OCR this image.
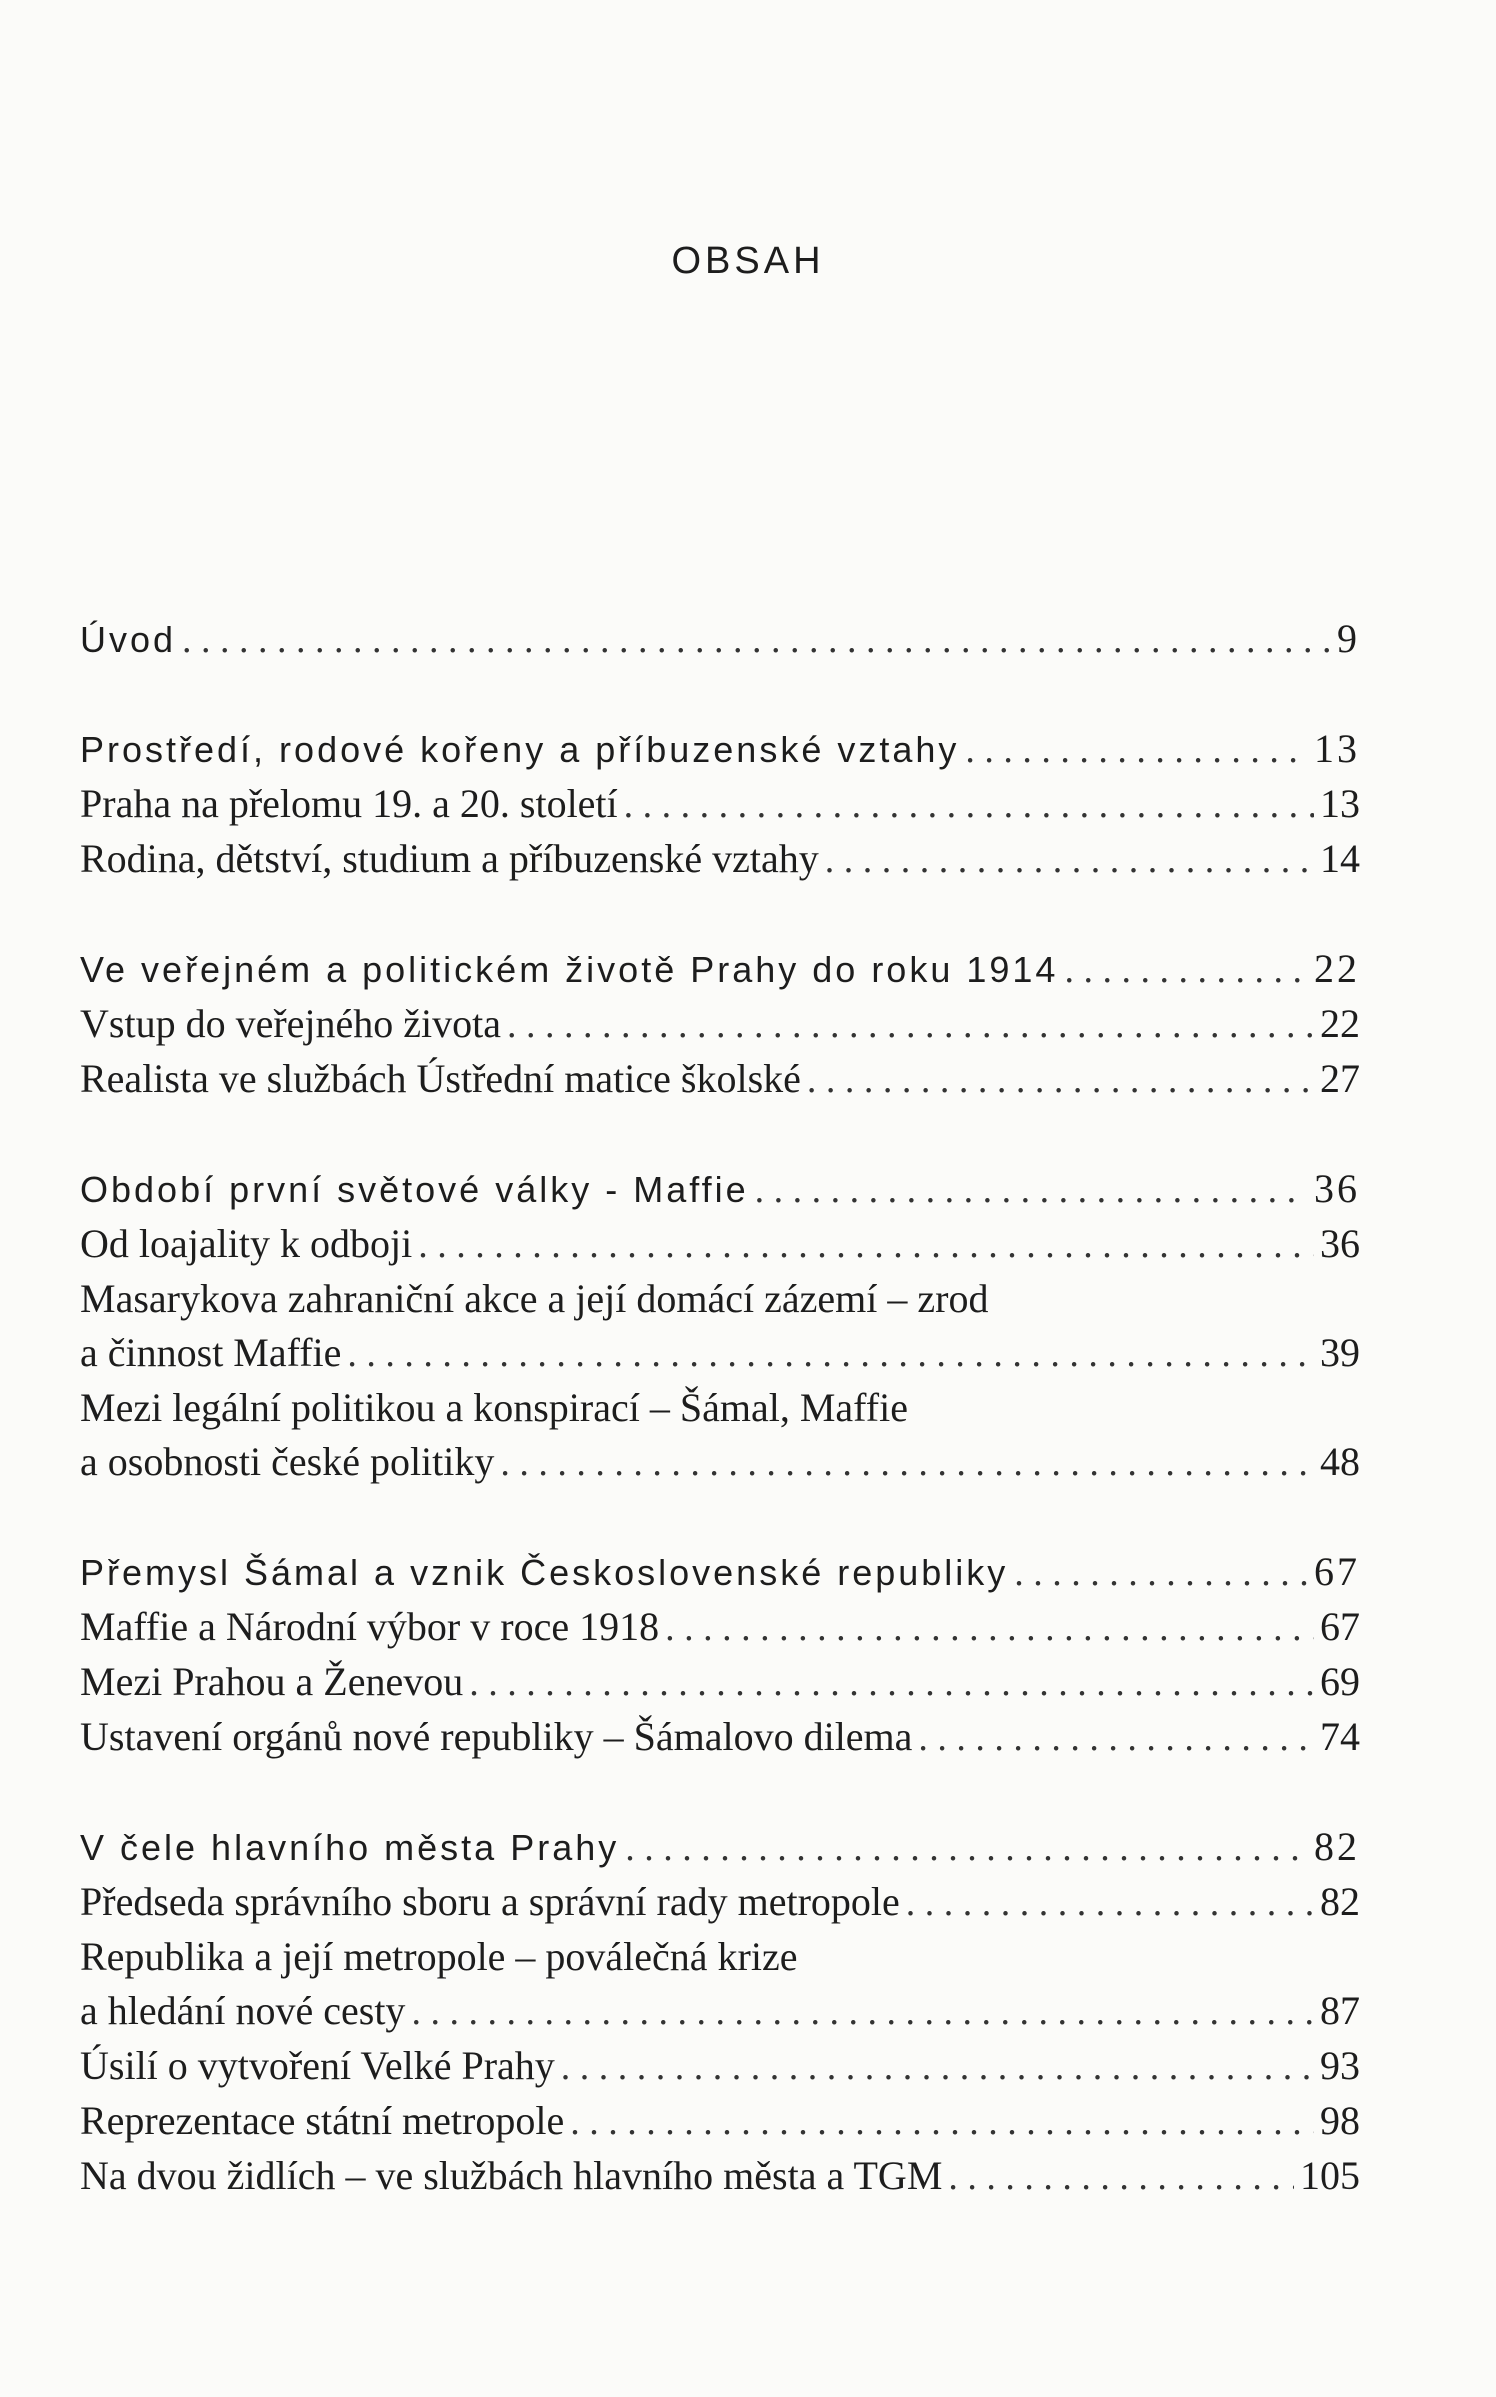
OBSAH
Úvod . . .	9
Prostředí, rodové kořeny a příbuzenské vztahy . . .	13
Praha na přelomu 19. a 20. století . . .	13
Rodina, dětství, studium a příbuzenské vztahy . . .	14
Ve veřejném a politickém životě Prahy do roku 1914 . . .	22
Vstup do veřejného života . . .	22
Realista ve službách Ústřední matice školské . . .	27
Období první světové války - Maffie . . .	36
Od loajality k odboji . . .	36
Masarykova zahraniční akce a její domácí zázemí – zrod
a činnost Maffie . . .	39
Mezi legální politikou a konspirací – Šámal, Maffie
a osobnosti české politiky . . .	48
Přemysl Šámal a vznik Československé republiky . . .	67
Maffie a Národní výbor v roce 1918 . . .	67
Mezi Prahou a Ženevou . . .	69
Ustavení orgánů nové republiky – Šámalovo dilema . . .	74
V čele hlavního města Prahy . . .	82
Předseda správního sboru a správní rady metropole . . .	82
Republika a její metropole – poválečná krize
a hledání nové cesty . . .	87
Úsilí o vytvoření Velké Prahy . . .	93
Reprezentace státní metropole . . .	98
Na dvou židlích – ve službách hlavního města a TGM . . .	105
